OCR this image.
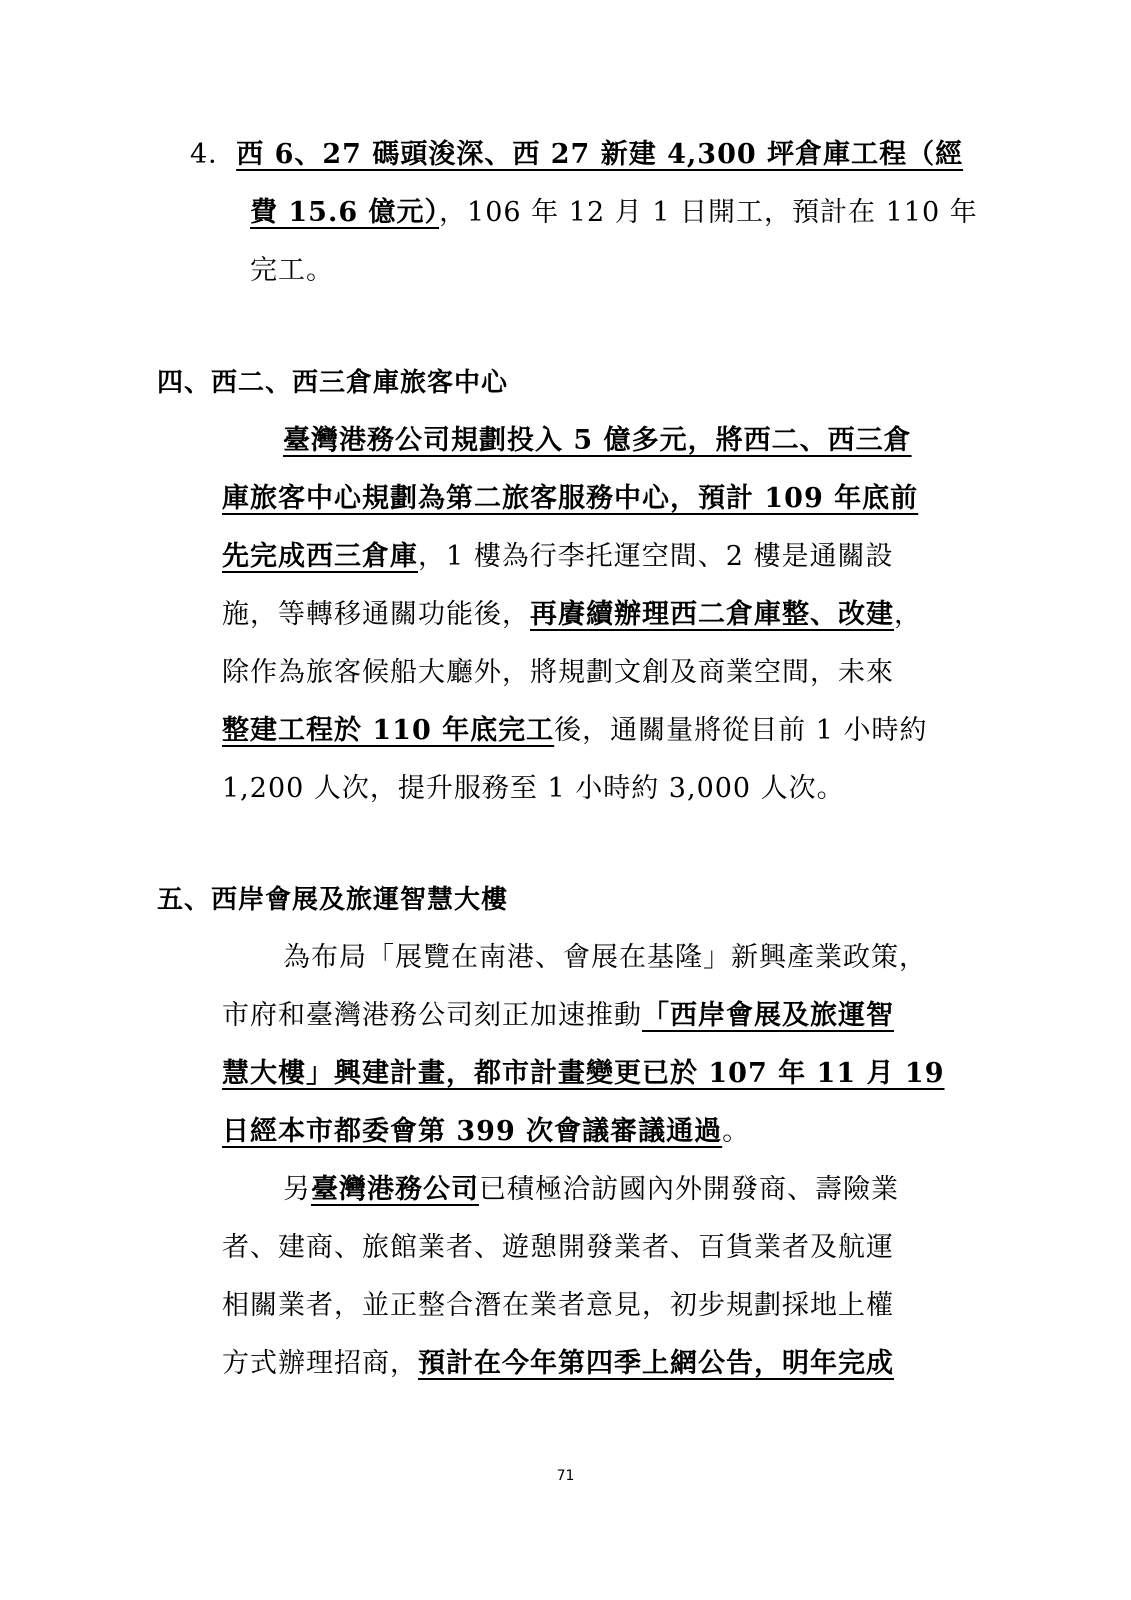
4．西 6、27 碼頭浚深、西 27 新建 4,300 坪倉庫工程（經
費 15.6 億元），106 年 12 月 1 日開工，預計在 110 年
完工。
四、西二、西三倉庫旅客中心
臺灣港務公司規劃投入 5 億多元，將西二、西三倉
庫旅客中心規劃為第二旅客服務中心，預計 109 年底前
先完成西三倉庫，1 樓為行李托運空間、2 樓是通關設
施，等轉移通關功能後，再賡續辦理西二倉庫整、改建，
除作為旅客候船大廳外，將規劃文創及商業空間，未來
整建工程於 110 年底完工後，通關量將從目前 1 小時約
1,200 人次，提升服務至 1 小時約 3,000 人次。
五、西岸會展及旅運智慧大樓
為布局「展覽在南港、會展在基隆」新興產業政策，
市府和臺灣港務公司刻正加速推動「西岸會展及旅運智
慧大樓」興建計畫，都市計畫變更已於 107 年 11 月 19
日經本市都委會第 399 次會議審議通過。
另臺灣港務公司已積極洽訪國內外開發商、壽險業
者、建商、旅館業者、遊憩開發業者、百貨業者及航運
相關業者，並正整合潛在業者意見，初步規劃採地上權
方式辦理招商，預計在今年第四季上網公告，明年完成
71
